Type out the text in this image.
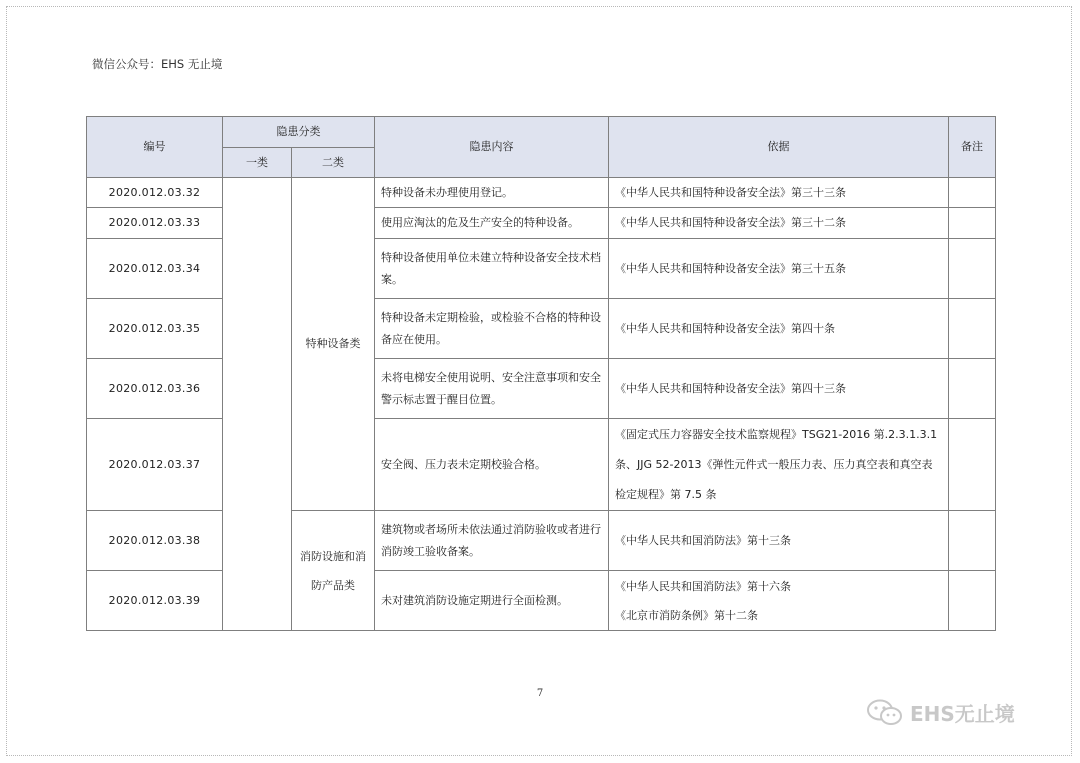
微信公众号：EHS 无止境
编号	隐患分类		隐患内容	依据	备注
	一类	二类			
2020.012.03.32		特种设备类	特种设备未办理使用登记。	《中华人民共和国特种设备安全法》第三十三条	
2020.012.03.33			使用应淘汰的危及生产安全的特种设备。	《中华人民共和国特种设备安全法》第三十二条	
2020.012.03.34			特种设备使用单位未建立特种设备安全技术档案。	《中华人民共和国特种设备安全法》第三十五条	
2020.012.03.35			特种设备未定期检验，或检验不合格的特种设备应在使用。	《中华人民共和国特种设备安全法》第四十条	
2020.012.03.36			未将电梯安全使用说明、安全注意事项和安全警示标志置于醒目位置。	《中华人民共和国特种设备安全法》第四十三条	
2020.012.03.37			安全阀、压力表未定期校验合格。	《固定式压力容器安全技术监察规程》TSG21-2016 第.2.3.1.3.1条、JJG 52-2013《弹性元件式一般压力表、压力真空表和真空表检定规程》第 7.5 条	
2020.012.03.38		消防设施和消防产品类	建筑物或者场所未依法通过消防验收或者进行消防竣工验收备案。	《中华人民共和国消防法》第十三条	
2020.012.03.39			未对建筑消防设施定期进行全面检测。	《中华人民共和国消防法》第十六条
《北京市消防条例》第十二条	

7
EHS无止境
